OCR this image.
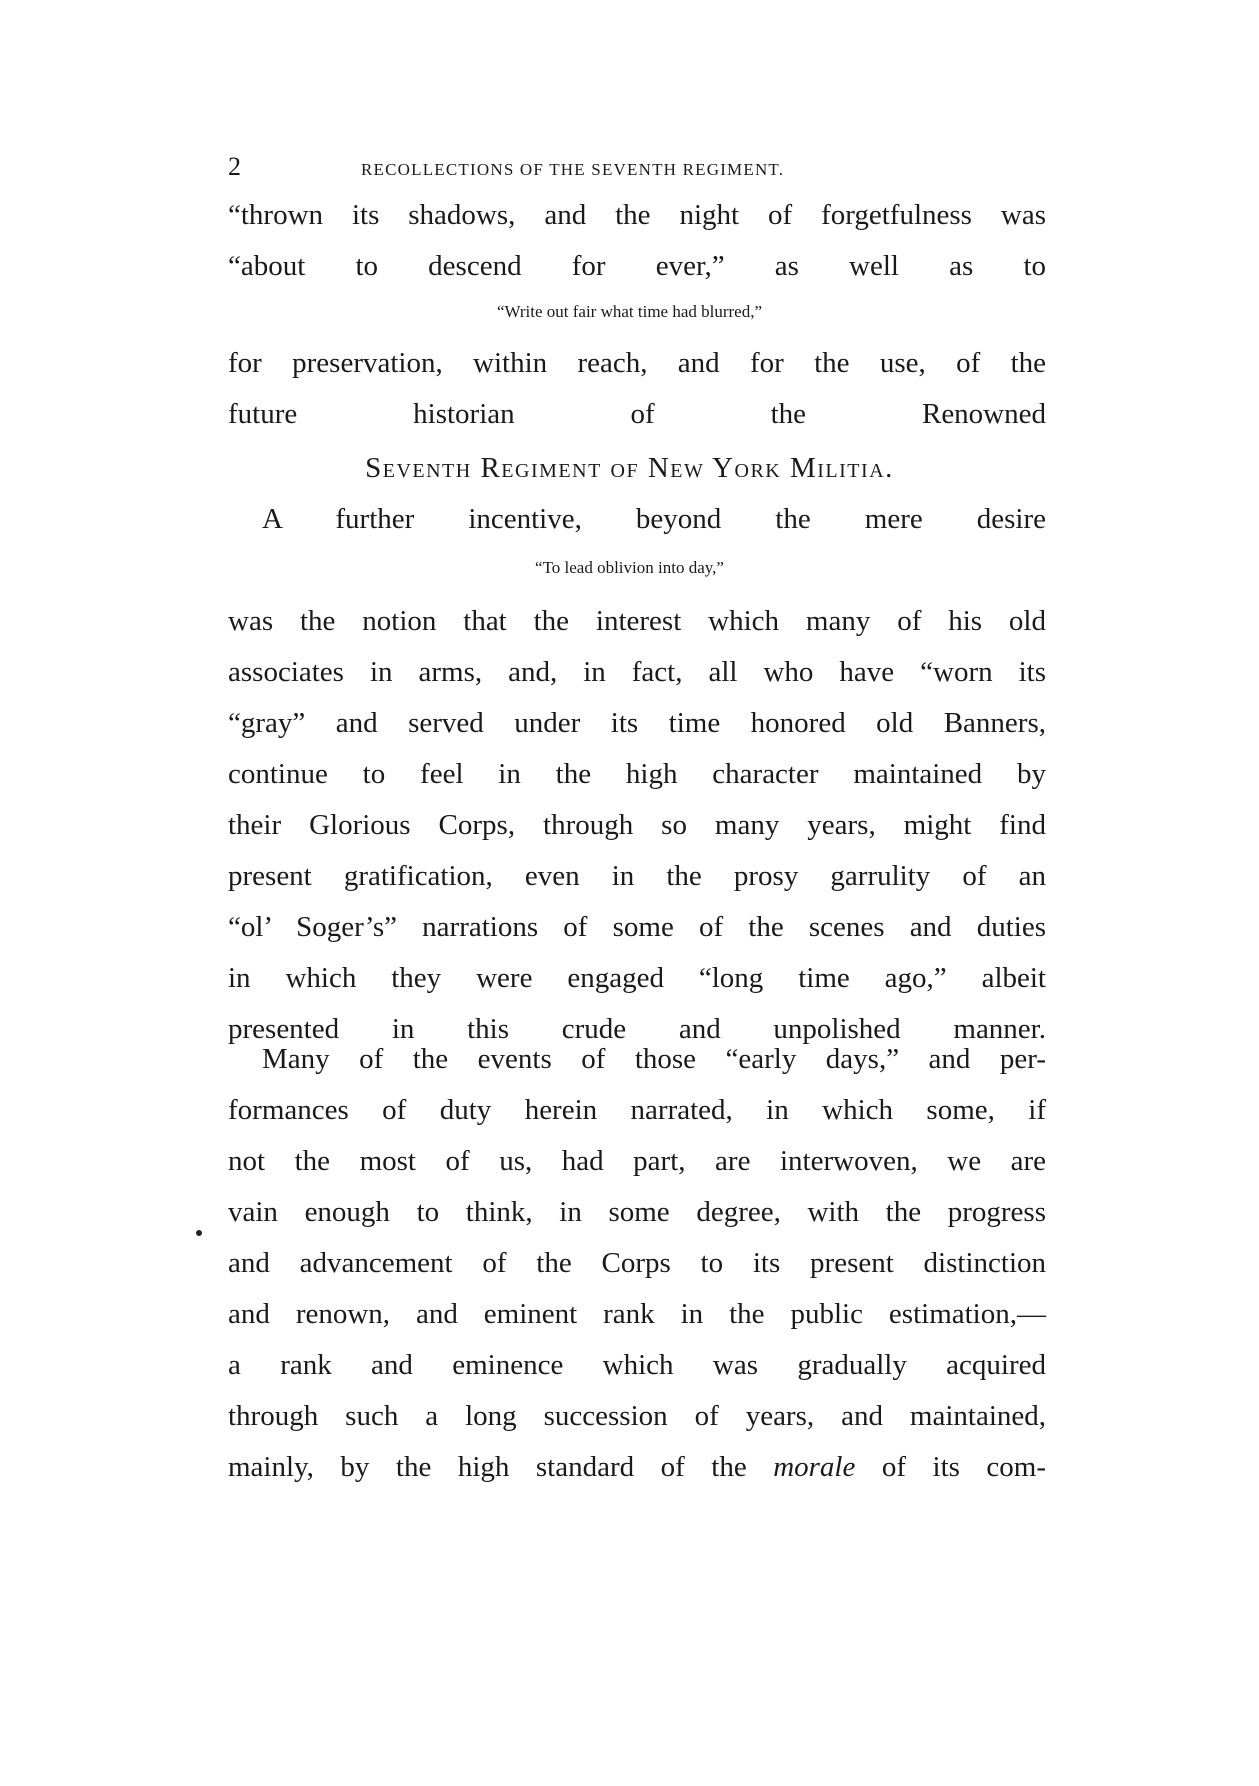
2	RECOLLECTIONS OF THE SEVENTH REGIMENT.
“thrown its shadows, and the night of forgetfulness was
“about to descend for ever,” as well as to
“Write out fair what time had blurred,”
for preservation, within reach, and for the use, of the
future historian of the Renowned
Seventh Regiment of New York Militia.
A further incentive, beyond the mere desire
“To lead oblivion into day,”
was the notion that the interest which many of his old
associates in arms, and, in fact, all who have “worn its
“gray” and served under its time honored old Banners,
continue to feel in the high character maintained by
their Glorious Corps, through so many years, might find
present gratification, even in the prosy garrulity of an
“ol’ Soger’s” narrations of some of the scenes and duties
in which they were engaged “long time ago,” albeit
presented in this crude and unpolished manner.
Many of the events of those “early days,” and per-
formances of duty herein narrated, in which some, if
not the most of us, had part, are interwoven, we are
vain enough to think, in some degree, with the progress
and advancement of the Corps to its present distinction
and renown, and eminent rank in the public estimation,—
a rank and eminence which was gradually acquired
through such a long succession of years, and maintained,
mainly, by the high standard of the morale of its com-
